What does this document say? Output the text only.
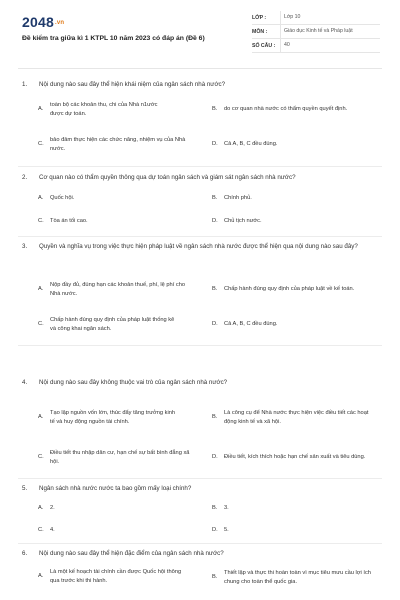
2048.vn
Đề kiểm tra giữa kì 1 KTPL 10 năm 2023 có đáp án (Đề 6)
LỚP :	Lớp 10
MÔN :	Giáo dục Kinh tế và Pháp luật
SỐ CÂU :	40
1.	Nội dung nào sau đây thể hiện khái niệm của ngân sách nhà nước?
A.
toàn bộ các khoản thu, chi của Nhà n1ước được dự toán.
B.	do cơ quan nhà nước có thẩm quyền quyết định.
C.
bảo đảm thực hiện các chức năng, nhiệm vụ của Nhà nước.
D.	Cả A, B, C đều đúng.
2.	Cơ quan nào có thẩm quyền thông qua dự toán ngân sách và giám sát ngân sách nhà nước?
A.	Quốc hội.	B.	Chính phủ.
C.	Tòa án tối cao.	D.	Chủ tịch nước.
3.	Quyền và nghĩa vụ trong việc thực hiện pháp luật về ngân sách nhà nước được thể hiện qua nội dung nào sau đây?
A.
Nộp đầy đủ, đúng hạn các khoản thuế, phí, lệ phí cho Nhà nước.
B.	Chấp hành đúng quy định của pháp luật về kế toán.
C.
Chấp hành đúng quy định của pháp luật thống kê và công khai ngân sách.
D.	Cả A, B, C đều đúng.
4.	Nội dung nào sau đây không thuộc vai trò của ngân sách nhà nước?
A.
Tạo lập nguồn vốn lớn, thúc đẩy tăng trưởng kinh tế và huy động nguồn tài chính.
B.
Là công cụ để Nhà nước thực hiện việc điều tiết các hoạt động kinh tế và xã hội.
C.
Điều tiết thu nhập dân cư, hạn chế sự bất bình đẳng xã hội.
D.	Điều tiết, kích thích hoặc hạn chế sản xuất và tiêu dùng.
5.	Ngân sách nhà nước nước ta bao gồm mấy loại chính?
A.	2.	B.	3.
C.	4.	D.	5.
6.	Nội dung nào sau đây thể hiện đặc điểm của ngân sách nhà nước?
A.
Là một kế hoạch tài chính cần được Quốc hội thông qua trước khi thi hành.
B.
Thiết lập và thực thi hoàn toàn vì mục tiêu mưu cầu lợi ích chung cho toàn thể quốc gia.
